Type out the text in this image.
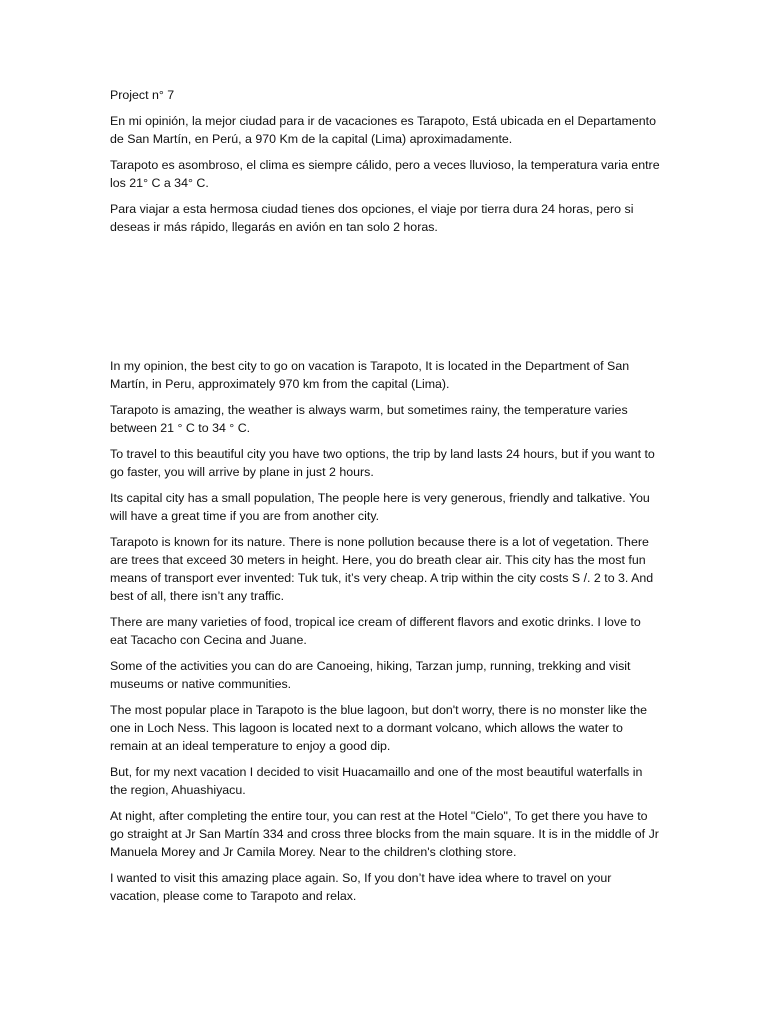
Project n° 7

En mi opinión, la mejor ciudad para ir de vacaciones es Tarapoto, Está ubicada en el Departamento de San Martín, en Perú, a 970 Km de la capital (Lima) aproximadamente.

Tarapoto es asombroso, el clima es siempre cálido, pero a veces lluvioso, la temperatura varia entre los 21° C a 34° C.

Para viajar a esta hermosa ciudad tienes dos opciones, el viaje por tierra dura 24 horas, pero si deseas ir más rápido, llegarás en avión en tan solo 2 horas.

In my opinion, the best city to go on vacation is Tarapoto, It is located in the Department of San Martín, in Peru, approximately 970 km from the capital (Lima).

Tarapoto is amazing, the weather is always warm, but sometimes rainy, the temperature varies between 21 ° C to 34 ° C.

To travel to this beautiful city you have two options, the trip by land lasts 24 hours, but if you want to go faster, you will arrive by plane in just 2 hours.

Its capital city has a small population, The people here is very generous, friendly and talkative. You will have a great time if you are from another city.

Tarapoto is known for its nature. There is none pollution because there is a lot of vegetation. There are trees that exceed 30 meters in height. Here, you do breath clear air. This city has the most fun means of transport ever invented: Tuk tuk, it’s very cheap. A trip within the city costs S /. 2 to 3. And best of all, there isn’t any traffic.

There are many varieties of food, tropical ice cream of different flavors and exotic drinks. I love to eat Tacacho con Cecina and Juane.

Some of the activities you can do are Canoeing, hiking, Tarzan jump, running, trekking and visit museums or native communities.

The most popular place in Tarapoto is the blue lagoon, but don't worry, there is no monster like the one in Loch Ness. This lagoon is located next to a dormant volcano, which allows the water to remain at an ideal temperature to enjoy a good dip.

But, for my next vacation I decided to visit Huacamaillo and one of the most beautiful waterfalls in the region, Ahuashiyacu.

At night, after completing the entire tour, you can rest at the Hotel "Cielo", To get there you have to go straight at Jr San Martín 334 and cross three blocks from the main square. It is in the middle of Jr Manuela Morey and Jr Camila Morey. Near to the children's clothing store.

I wanted to visit this amazing place again. So, If you don’t have idea where to travel on your vacation, please come to Tarapoto and relax.
